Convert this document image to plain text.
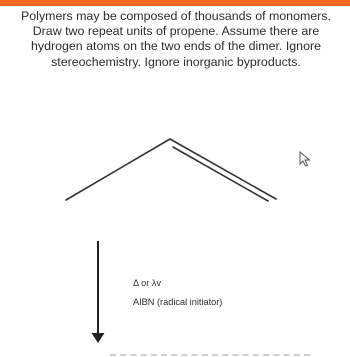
Polymers may be composed of thousands of monomers. Draw two repeat units of propene. Assume there are hydrogen atoms on the two ends of the dimer. Ignore stereochemistry. Ignore inorganic byproducts.

Δ or λv
AIBN (radical initiator)
